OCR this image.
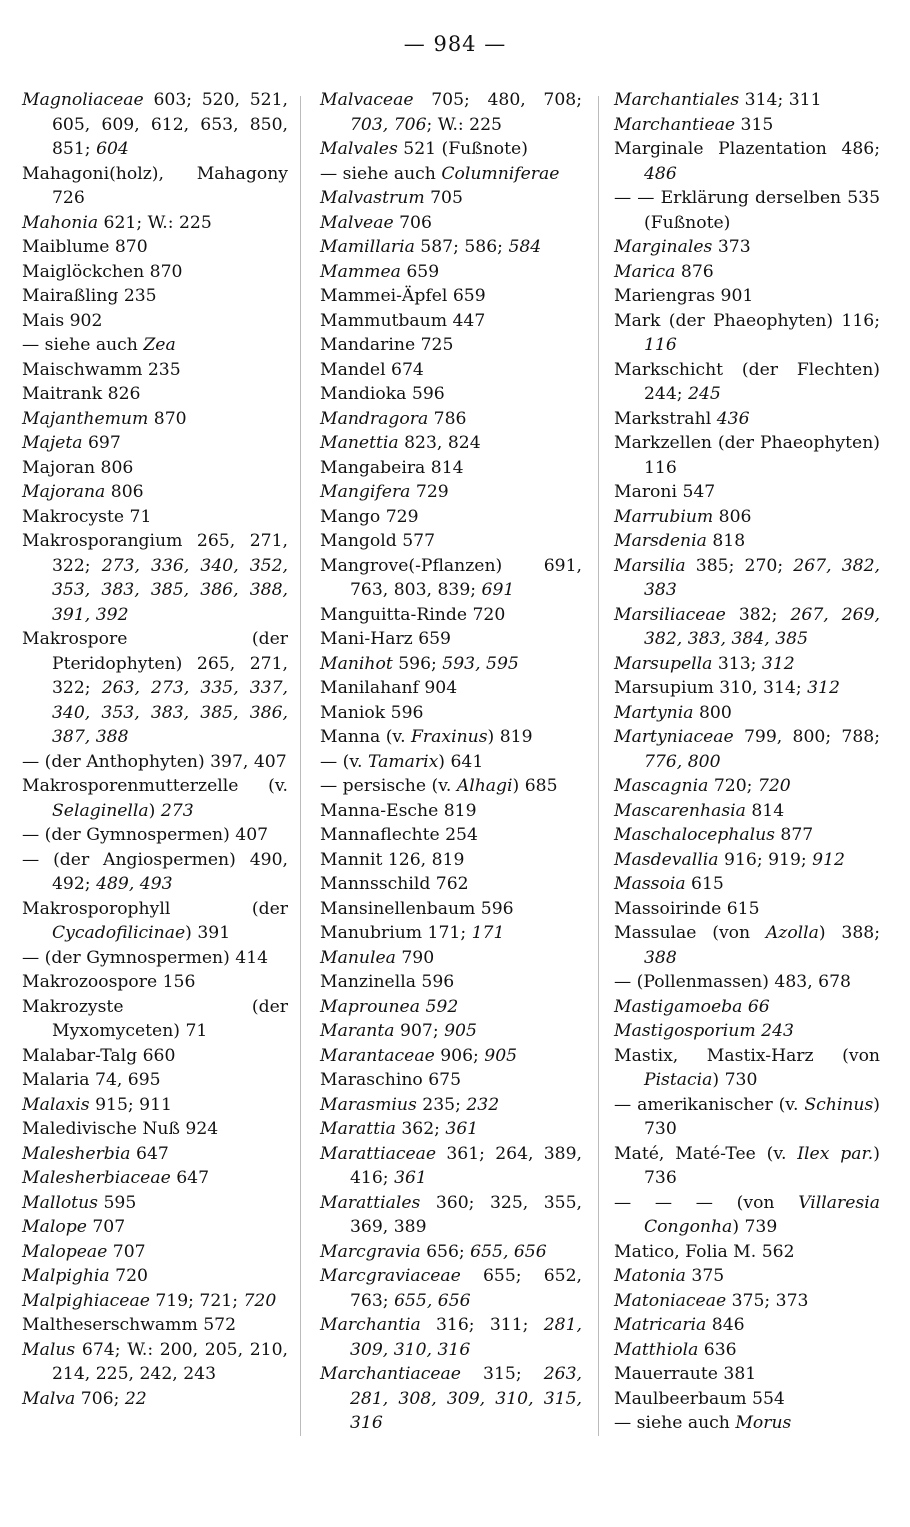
— 984 —
Magnoliaceae 603; 520, 521, 605, 609, 612, 653, 850, 851; 604
Mahagoni(holz), Mahagony 726
Mahonia 621; W.: 225
Maiblume 870
Maiglöckchen 870
Mairaßling 235
Mais 902
— siehe auch Zea
Maischwamm 235
Maitrank 826
Majanthemum 870
Majeta 697
Majoran 806
Majorana 806
Makrocyste 71
Makrosporangium 265, 271, 322; 273, 336, 340, 352, 353, 383, 385, 386, 388, 391, 392
Makrospore (der Pteridophyten) 265, 271, 322; 263, 273, 335, 337, 340, 353, 383, 385, 386, 387, 388
— (der Anthophyten) 397, 407
Makrosporenmutterzelle (v. Selaginella) 273
— (der Gymnospermen) 407
— (der Angiospermen) 490, 492; 489, 493
Makrosporophyll (der Cycadofilicinae) 391
— (der Gymnospermen) 414
Makrozoospore 156
Makrozyste (der Myxomyceten) 71
Malabar-Talg 660
Malaria 74, 695
Malaxis 915; 911
Maledivische Nuß 924
Malesherbia 647
Malesherbiaceae 647
Mallotus 595
Malope 707
Malopeae 707
Malpighia 720
Malpighiaceae 719; 721; 720
Maltheserschwamm 572
Malus 674; W.: 200, 205, 210, 214, 225, 242, 243
Malva 706; 22
Malvaceae 705; 480, 708; 703, 706; W.: 225
Malvales 521 (Fußnote)
— siehe auch Columniferae
Malvastrum 705
Malveae 706
Mamillaria 587; 586; 584
Mammea 659
Mammei-Äpfel 659
Mammutbaum 447
Mandarine 725
Mandel 674
Mandioka 596
Mandragora 786
Manettia 823, 824
Mangabeira 814
Mangifera 729
Mango 729
Mangold 577
Mangrove(-Pflanzen) 691, 763, 803, 839; 691
Manguitta-Rinde 720
Mani-Harz 659
Manihot 596; 593, 595
Manilahanf 904
Maniok 596
Manna (v. Fraxinus) 819
— (v. Tamarix) 641
— persische (v. Alhagi) 685
Manna-Esche 819
Mannaflechte 254
Mannit 126, 819
Mannsschild 762
Mansinellenbaum 596
Manubrium 171; 171
Manulea 790
Manzinella 596
Maprounea 592
Maranta 907; 905
Marantaceae 906; 905
Maraschino 675
Marasmius 235; 232
Marattia 362; 361
Marattiaceae 361; 264, 389, 416; 361
Marattiales 360; 325, 355, 369, 389
Marcgravia 656; 655, 656
Marcgraviaceae 655; 652, 763; 655, 656
Marchantia 316; 311; 281, 309, 310, 316
Marchantiaceae 315; 263, 281, 308, 309, 310, 315, 316
Marchantiales 314; 311
Marchantieae 315
Marginale Plazentation 486; 486
— — Erklärung derselben 535 (Fußnote)
Marginales 373
Marica 876
Mariengras 901
Mark (der Phaeophyten) 116; 116
Markschicht (der Flechten) 244; 245
Markstrahl 436
Markzellen (der Phaeophyten) 116
Maroni 547
Marrubium 806
Marsdenia 818
Marsilia 385; 270; 267, 382, 383
Marsiliaceae 382; 267, 269, 382, 383, 384, 385
Marsupella 313; 312
Marsupium 310, 314; 312
Martynia 800
Martyniaceae 799, 800; 788; 776, 800
Mascagnia 720; 720
Mascarenhasia 814
Maschalocephalus 877
Masdevallia 916; 919; 912
Massoia 615
Massoirinde 615
Massulae (von Azolla) 388; 388
— (Pollenmassen) 483, 678
Mastigamoeba 66
Mastigosporium 243
Mastix, Mastix-Harz (von Pistacia) 730
— amerikanischer (v. Schinus) 730
Maté, Maté-Tee (v. Ilex par.) 736
— — — (von Villaresia Congonha) 739
Matico, Folia M. 562
Matonia 375
Matoniaceae 375; 373
Matricaria 846
Matthiola 636
Mauerraute 381
Maulbeerbaum 554
— siehe auch Morus
